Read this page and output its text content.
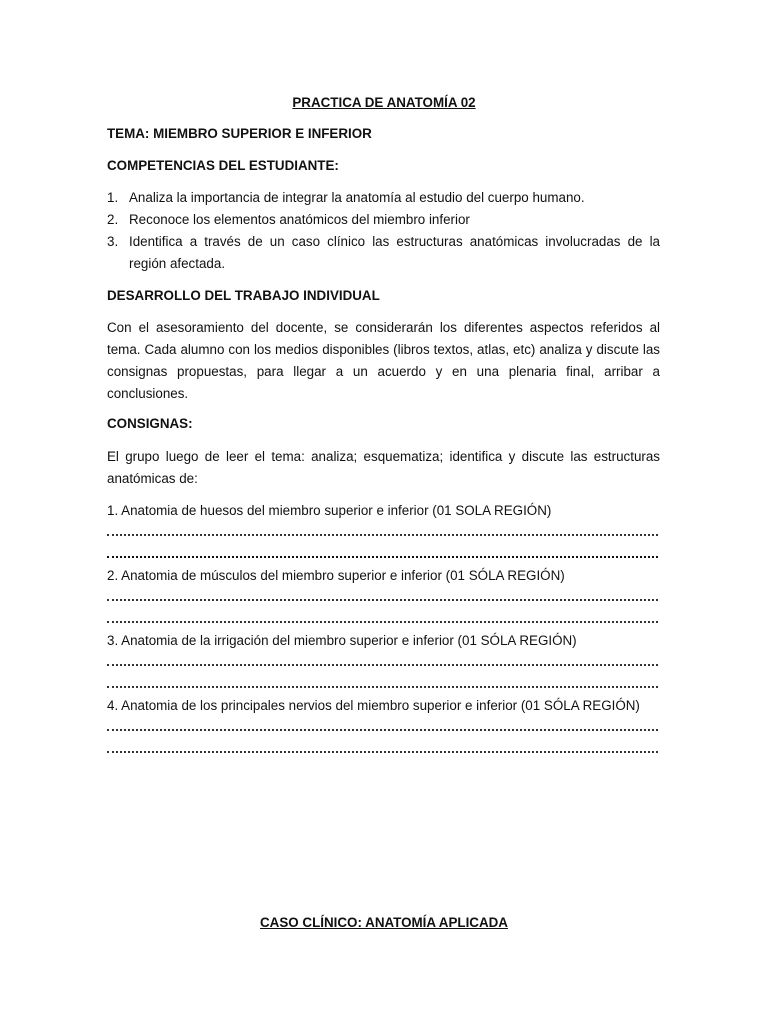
PRACTICA DE ANATOMÍA 02
TEMA: MIEMBRO SUPERIOR E INFERIOR
COMPETENCIAS DEL ESTUDIANTE:
1. Analiza la importancia de integrar la anatomía al estudio del cuerpo humano.
2. Reconoce los elementos anatómicos del miembro inferior
3. Identifica a través de un caso clínico las estructuras anatómicas involucradas de la región afectada.
DESARROLLO DEL TRABAJO INDIVIDUAL
Con el asesoramiento del docente, se considerarán los diferentes aspectos referidos al tema. Cada alumno con los medios disponibles (libros textos, atlas, etc) analiza y discute las consignas propuestas, para llegar a un acuerdo y en una plenaria final, arribar a conclusiones.
CONSIGNAS:
El grupo luego de leer el tema: analiza; esquematiza; identifica y discute las estructuras anatómicas de:
1. Anatomia de huesos del miembro superior e inferior (01 SOLA REGIÓN)
2. Anatomia de músculos del miembro superior e inferior (01 SÓLA REGIÓN)
3. Anatomia de la irrigación del miembro superior e inferior (01 SÓLA REGIÓN)
4. Anatomia de los principales nervios del miembro superior e inferior (01 SÓLA REGIÓN)
CASO CLÍNICO: ANATOMÍA APLICADA
